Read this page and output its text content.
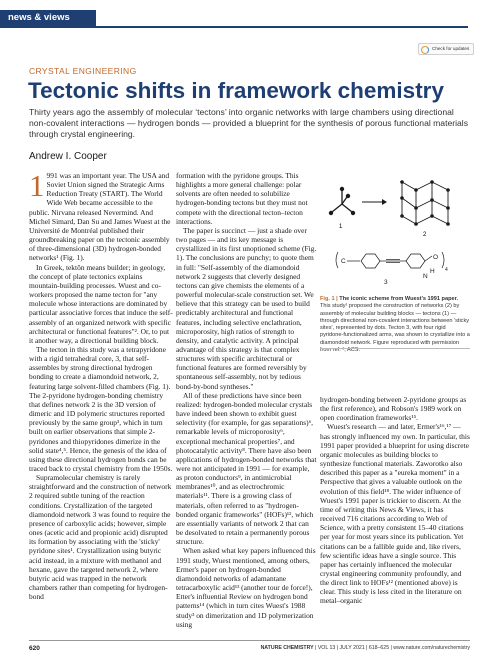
news & views
Check for updates
CRYSTAL ENGINEERING
Tectonic shifts in framework chemistry

Thirty years ago the assembly of molecular ‘tectons’ into organic networks with large chambers using directional non-covalent interactions — hydrogen bonds — provided a blueprint for the synthesis of porous functional materials through crystal engineering.

Andrew I. Cooper

1 991 was an important year. The USA and Soviet Union signed the Strategic Arms Reduction Treaty (START). The World Wide Web became accessible to the public. Nirvana released Nevermind. And Michel Simard, Dan Su and James Wuest at the Université de Montréal published their groundbreaking paper on the tectonic assembly of three-dimensional (3D) hydrogen-bonded networks¹ (Fig. 1).

In Greek, tektōn means builder; in geology, the concept of plate tectonics explains mountain-building processes. Wuest and co-workers proposed the name tecton for "any molecule whose interactions are dominated by particular associative forces that induce the self-assembly of an organized network with specific architectural or functional features"². Or, to put it another way, a directional building block.

The tecton in this study was a tetrapyridone with a rigid tetrahedral core, 3, that self-assembles by strong directional hydrogen bonding to create a diamondoid network, 2, featuring large solvent-filled chambers (Fig. 1). The 2-pyridone hydrogen-bonding chemistry that defines network 2 is the 3D version of dimeric and 1D polymeric structures reported previously by the same group³, which in turn built on earlier observations that simple 2-pyridones and thiopyridones dimerize in the solid state⁴,⁵. Hence, the genesis of the idea of using these directional hydrogen bonds can be traced back to crystal chemistry from the 1950s.

Supramolecular chemistry is rarely straightforward and the construction of network 2 required subtle tuning of the reaction conditions. Crystallization of the targeted diamondoid network 3 was found to require the presence of carboxylic acids; however, simple ones (acetic acid and propionic acid) disrupted its formation by associating with the 'sticky' pyridone sites¹. Crystallization using butyric acid instead, in a mixture with methanol and hexane, gave the targeted network 2, where butyric acid was trapped in the network chambers rather than competing for hydrogen-bond

formation with the pyridone groups. This highlights a more general challenge: polar solvents are often needed to solubilize hydrogen-bonding tectons but they must not compete with the directional tecton–tecton interactions.

The paper is succinct — just a shade over two pages — and its key message is crystallized in its first unoptioned scheme (Fig. 1). The conclusions are punchy; to quote them in full: "Self-assembly of the diamondoid network 2 suggests that cleverly designed tectons can give chemists the elements of a powerful molecular-scale construction set. We believe that this strategy can be used to build predictably architectural and functional features, including selective enclathration, microporosity, high ratios of strength to density, and catalytic activity. A principal advantage of this strategy is that complex structures with specific architectural or functional features are formed reversibly by spontaneous self-assembly, not by tedious bond-by-bond syntheses."

All of these predictions have since been realized: hydrogen-bonded molecular crystals have indeed been shown to exhibit guest selectivity (for example, for gas separations)⁶, remarkable levels of microporosity⁶, exceptional mechanical properties⁷, and photocatalytic activity⁸. There have also been applications of hydrogen-bonded networks that were not anticipated in 1991 — for example, as proton conductors⁹, in antimicrobial membranes¹⁰, and as electrochromic materials¹¹. There is a growing class of materials, often referred to as "hydrogen-bonded organic frameworks" (HOFs)¹², which are essentially variants of network 2 that can be desolvated to retain a permanently porous structure.

When asked what key papers influenced this 1991 study, Wuest mentioned, among others, Ermer's paper on hydrogen-bonded diamondoid networks of adamantane tetracarboxylic acid¹³ (another tour de force!), Etter's influential Review on hydrogen bond patterns¹⁴ (which in turn cites Wuest's 1988 study³ on dimerization and 1D polymerization using

1
2
C
N
H
O
4
3
Fig. 1 | The iconic scheme from Wuest's 1991 paper. This study¹ proposed the construction of networks (2) by assembly of molecular building blocks — tectons (1) — through directional non-covalent interactions between 'sticky sites', represented by dots. Tecton 3, with four rigid pyridone-functionalized arms, was shown to crystallize into a diamondoid network. Figure reproduced with permission from ref. ¹, ACS.

hydrogen-bonding between 2-pyridone groups as the first reference), and Robson's 1989 work on open coordination frameworks¹⁵.

Wuest's research — and later, Ermer's¹⁶,¹⁷ — has strongly influenced my own. In particular, this 1991 paper provided a blueprint for using discrete organic molecules as building blocks to synthesize functional materials. Zaworotko also described this paper as a "eureka moment" in a Perspective that gives a valuable outlook on the evolution of this field¹⁸. The wider influence of Wuest's 1991 paper is trickier to discern. At the time of writing this News & Views, it has received 716 citations according to Web of Science, with a pretty consistent 15–40 citations per year for most years since its publication. Yet citations can be a fallible guide and, like rivers, few scientific ideas have a single source. This paper has certainly influenced the molecular crystal engineering community profoundly, and the direct link to HOFs¹² (mentioned above) is clear. This study is less cited in the literature on metal–organic

620	NATURE CHEMISTRY | VOL 13 | JULY 2021 | 618–625 | www.nature.com/naturechemistry
